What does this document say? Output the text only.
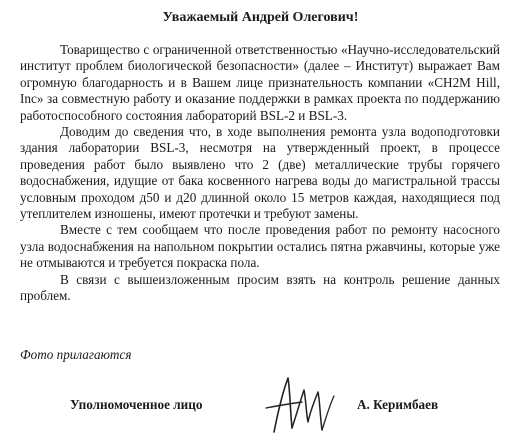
Уважаемый Андрей Олегович!

Товарищество с ограниченной ответственностью «Научно-исследовательский институт проблем биологической безопасности» (далее – Институт) выражает Вам огромную благодарность и в Вашем лице признательность компании «CH2M Hill, Inc» за совместную работу и оказание поддержки в рамках проекта по поддержанию работоспособного состояния лабораторий BSL-2 и BSL-3.

Доводим до сведения что, в ходе выполнения ремонта узла водоподготовки здания лаборатории BSL-3, несмотря на утвержденный проект, в процессе проведения работ было выявлено что 2 (две) металлические трубы горячего водоснабжения, идущие от бака косвенного нагрева воды до магистральной трассы условным проходом д50 и д20 длинной около 15 метров каждая, находящиеся под утеплителем изношены, имеют протечки и требуют замены.

Вместе с тем сообщаем что после проведения работ по ремонту насосного узла водоснабжения на напольном покрытии остались пятна ржавчины, которые уже не отмываются и требуется покраска пола.

В связи с вышеизложенным просим взять на контроль решение данных проблем.

Фото прилагаются
Уполномоченное лицо	А. Керимбаев
